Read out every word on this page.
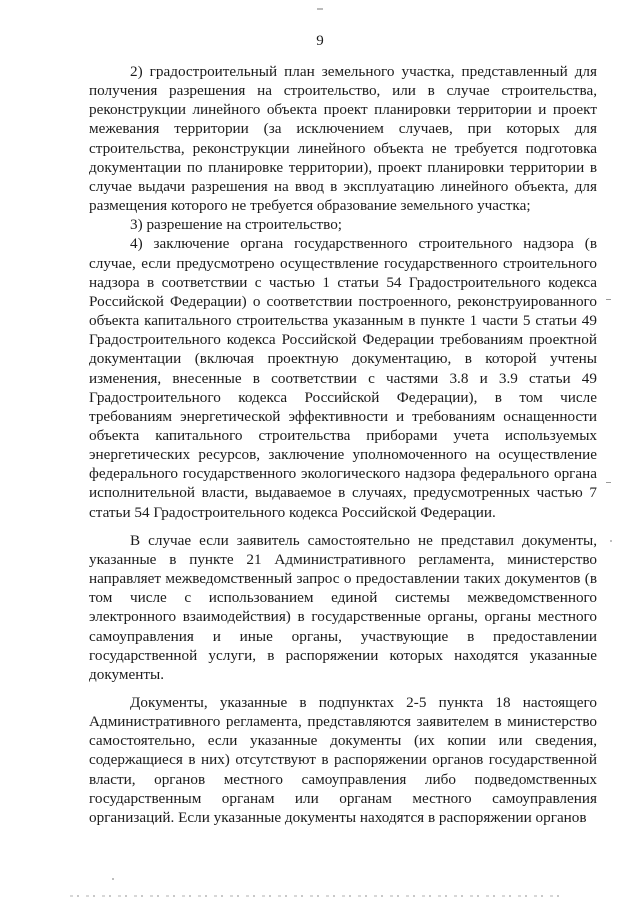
9

2) градостроительный план земельного участка, представленный для получения разрешения на строительство, или в случае строительства, реконструкции линейного объекта проект планировки территории и проект межевания территории (за исключением случаев, при которых для строительства, реконструкции линейного объекта не требуется подготовка документации по планировке территории), проект планировки территории в случае выдачи разрешения на ввод в эксплуатацию линейного объекта, для размещения которого не требуется образование земельного участка;

3) разрешение на строительство;

4) заключение органа государственного строительного надзора (в случае, если предусмотрено осуществление государственного строительного надзора в соответствии с частью 1 статьи 54 Градостроительного кодекса Российской Федерации) о соответствии построенного, реконструированного объекта капитального строительства указанным в пункте 1 части 5 статьи 49 Градостроительного кодекса Российской Федерации требованиям проектной документации (включая проектную документацию, в которой учтены изменения, внесенные в соответствии с частями 3.8 и 3.9 статьи 49 Градостроительного кодекса Российской Федерации), в том числе требованиям энергетической эффективности и требованиям оснащенности объекта капитального строительства приборами учета используемых энергетических ресурсов, заключение уполномоченного на осуществление федерального государственного экологического надзора федерального органа исполнительной власти, выдаваемое в случаях, предусмотренных частью 7 статьи 54 Градостроительного кодекса Российской Федерации.

В случае если заявитель самостоятельно не представил документы, указанные в пункте 21 Административного регламента, министерство направляет межведомственный запрос о предоставлении таких документов (в том числе с использованием единой системы межведомственного электронного взаимодействия) в государственные органы, органы местного самоуправления и иные органы, участвующие в предоставлении государственной услуги, в распоряжении которых находятся указанные документы.

Документы, указанные в подпунктах 2-5 пункта 18 настоящего Административного регламента, представляются заявителем в министерство самостоятельно, если указанные документы (их копии или сведения, содержащиеся в них) отсутствуют в распоряжении органов государственной власти, органов местного самоуправления либо подведомственных государственным органам или органам местного самоуправления организаций. Если указанные документы находятся в распоряжении органов
